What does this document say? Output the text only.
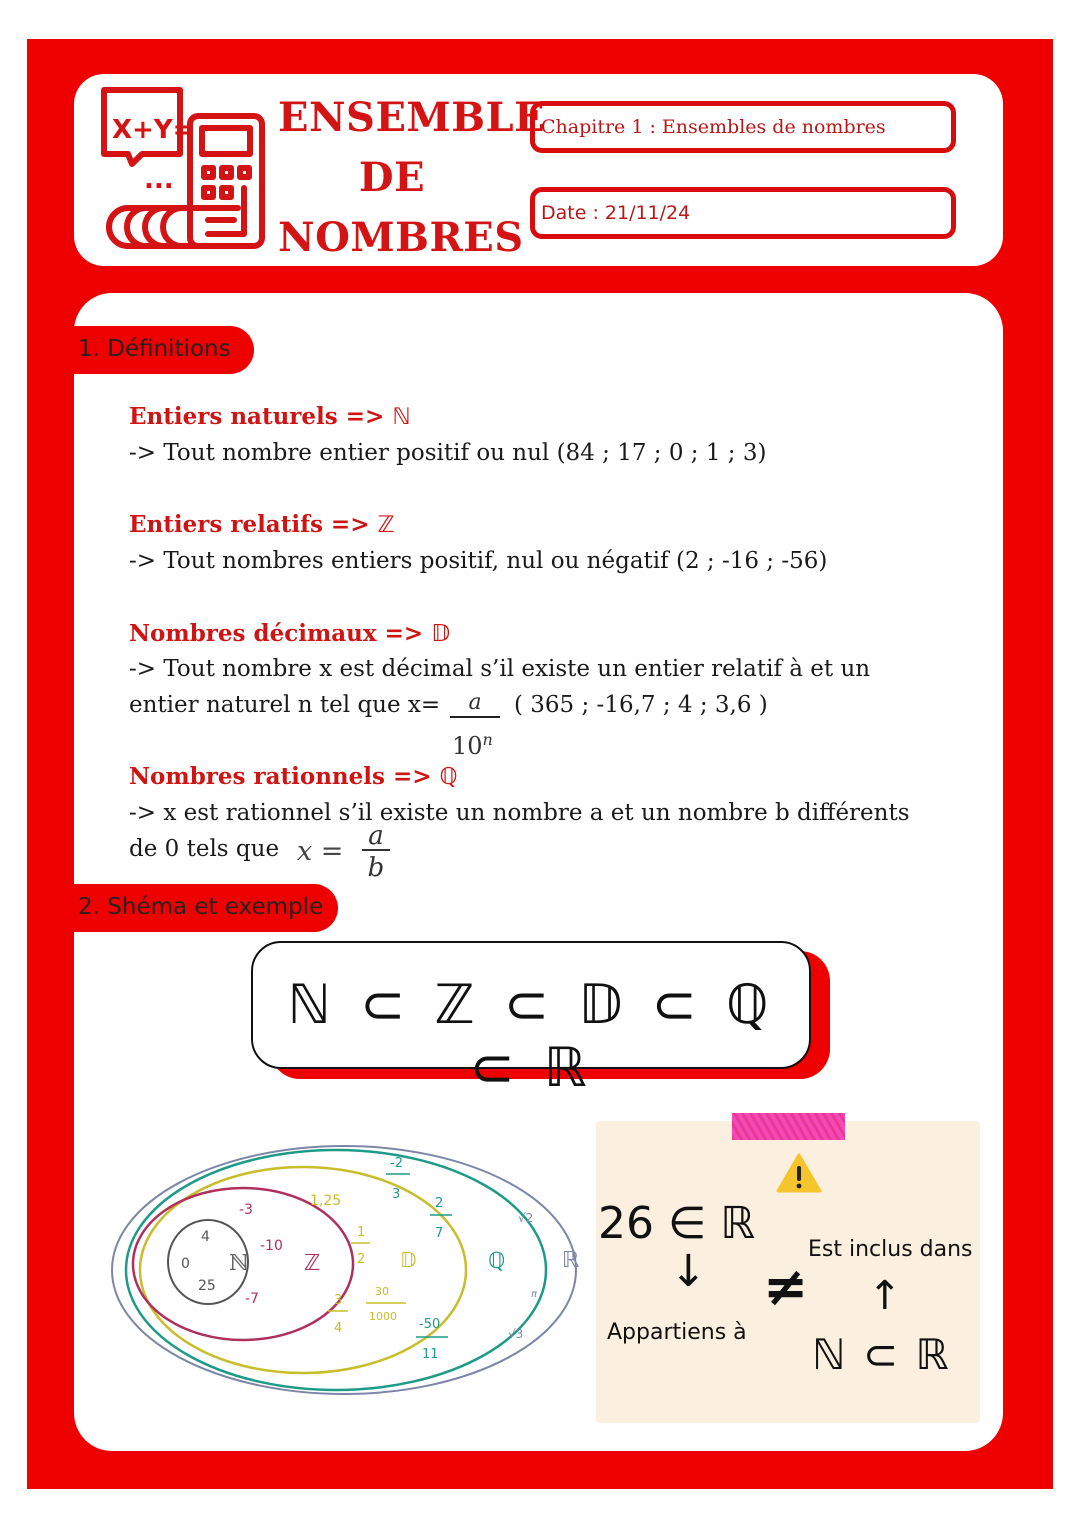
X+Y=
...
ENSEMBLE
DE
NOMBRES
Chapitre 1 : Ensembles de nombres
Date : 21/11/24
1. Définitions
Entiers naturels => ℕ
-> Tout nombre entier positif ou nul (84 ; 17 ; 0 ; 1 ; 3)
Entiers relatifs => ℤ
-> Tout nombres entiers positif, nul ou négatif (2 ; -16 ; -56)
Nombres décimaux => 𝔻
-> Tout nombre x est décimal s’il existe un entier relatif à et un
entier naturel n tel que x=	a
10$^n$
( 365 ; -16,7 ; 4 ; 3,6 )
Nombres rationnels => ℚ
-> x est rationnel s’il existe un nombre a et un nombre b différents
de 0 tels que $x = \frac{a}{b}$
2. Shéma et exemple
ℕ ⊂ ℤ ⊂ 𝔻 ⊂ ℚ ⊂ ℝ
0
4
25
ℕ
-3
-10
-7
ℤ
1,25
1
2
3
4
30
1000
𝔻
-2
3
2
7
-50
11
ℚ
√2
π
√3
ℝ
26 ∈ ℝ
↓
Appartiens à
≠
Est inclus dans
↑
ℕ ⊂ ℝ
